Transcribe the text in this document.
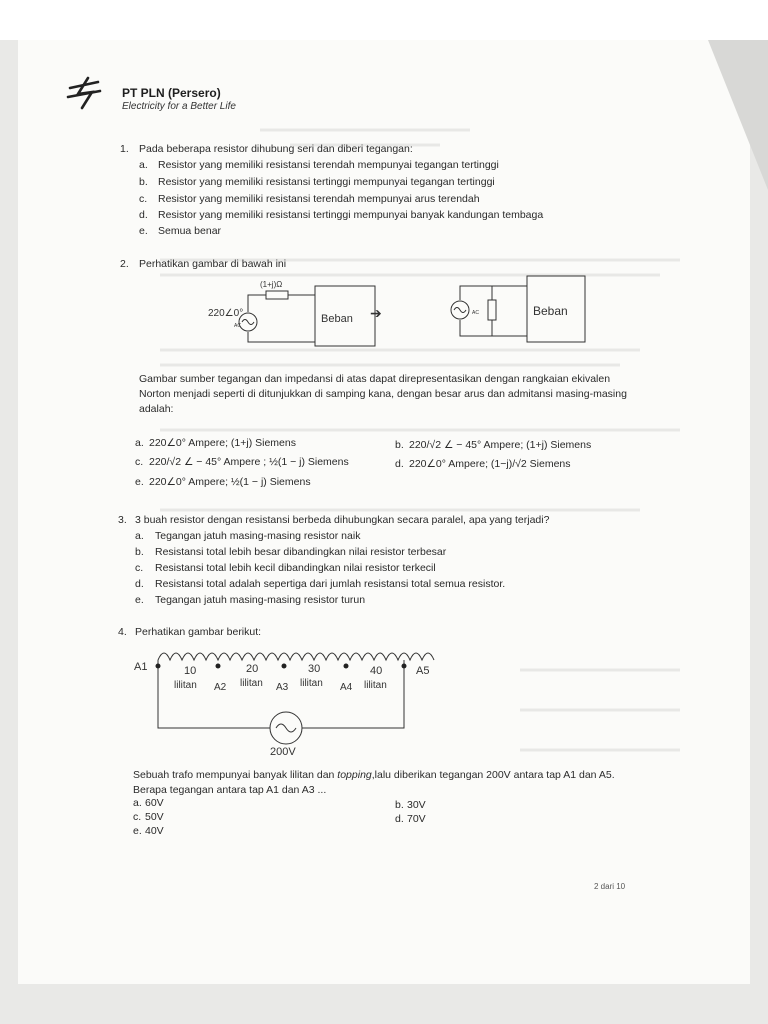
PT PLN (Persero)
Electricity for a Better Life
1. Pada beberapa resistor dihubung seri dan diberi tegangan:
a. Resistor yang memiliki resistansi terendah mempunyai tegangan tertinggi
b. Resistor yang memiliki resistansi tertinggi mempunyai tegangan tertinggi
c. Resistor yang memiliki resistansi terendah mempunyai arus terendah
d. Resistor yang memiliki resistansi tertinggi mempunyai banyak kandungan tembaga
e. Semua benar
2. Perhatikan gambar di bawah ini
(1+j)Ω
220∠0°
AC
Beban ➔	AC	Beban
Gambar sumber tegangan dan impedansi di atas dapat direpresentasikan dengan rangkaian ekivalen Norton menjadi seperti di ditunjukkan di samping kana, dengan besar arus dan admitansi masing-masing adalah:
a. 220∠0° Ampere; (1+j) Siemens	b. 220/√2 ∠ − 45° Ampere; (1+j) Siemens
c. 220/√2 ∠ − 45° Ampere ; ½(1 − j) Siemens	d. 220∠0° Ampere; (1−j)/√2 Siemens
e. 220∠0° Ampere; ½(1 − j) Siemens
3. 3 buah resistor dengan resistansi berbeda dihubungkan secara paralel, apa yang terjadi?
a. Tegangan jatuh masing-masing resistor naik
b. Resistansi total lebih besar dibandingkan nilai resistor terbesar
c. Resistansi total lebih kecil dibandingkan nilai resistor terkecil
d. Resistansi total adalah sepertiga dari jumlah resistansi total semua resistor.
e. Tegangan jatuh masing-masing resistor turun
4. Perhatikan gambar berikut:
A1
A2	A3	A4
A5
10
lilitan
20
lilitan
30
lilitan
40
lilitan
200V
Sebuah trafo mempunyai banyak lilitan dan topping,lalu diberikan tegangan 200V antara tap A1 dan A5. Berapa tegangan antara tap A1 dan A3 ...
a. 60V	b. 30V
c. 50V	d. 70V
e. 40V
2 dari 10
